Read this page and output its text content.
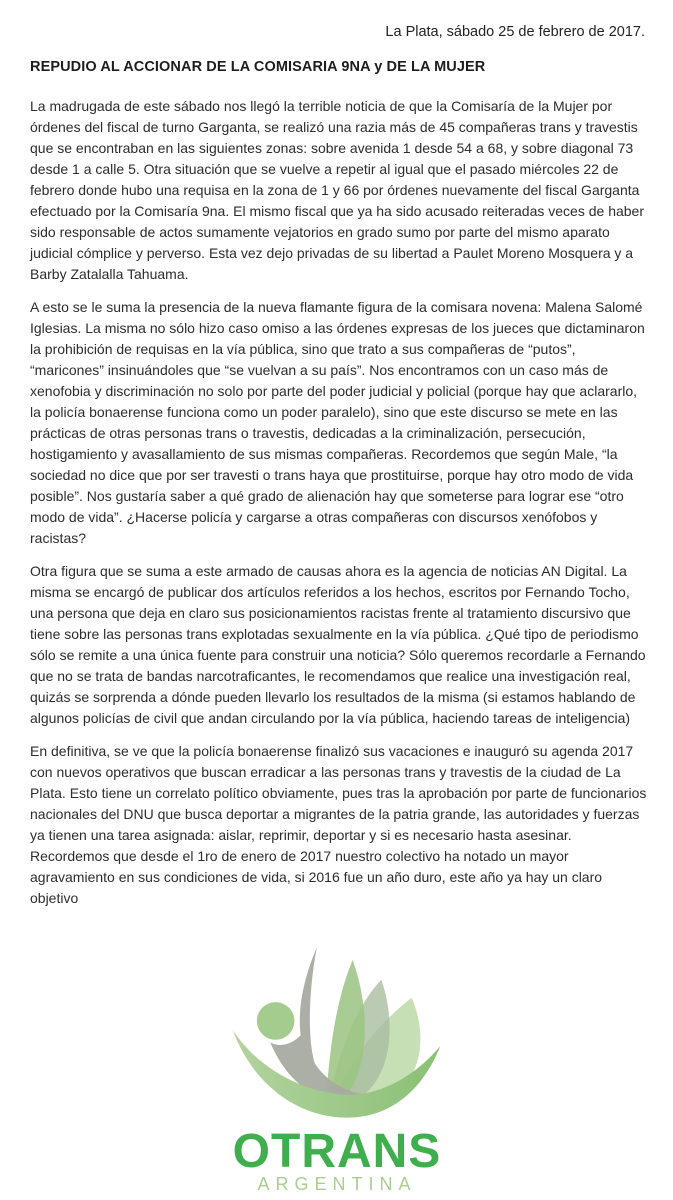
La Plata, sábado 25 de febrero de 2017.
REPUDIO AL ACCIONAR DE LA COMISARIA 9NA y DE LA MUJER

La madrugada de este sábado nos llegó la terrible noticia de que la Comisaría de la Mujer por órdenes del fiscal de turno Garganta, se realizó una razia más de 45 compañeras trans y travestis que se encontraban en las siguientes zonas: sobre avenida 1 desde 54 a 68, y sobre diagonal 73 desde 1 a calle 5. Otra situación que se vuelve a repetir al igual que el pasado miércoles 22 de febrero donde hubo una requisa en la zona de 1 y 66 por órdenes nuevamente del fiscal Garganta efectuado por la Comisaría 9na. El mismo fiscal que ya ha sido acusado reiteradas veces de haber sido responsable de actos sumamente vejatorios en grado sumo por parte del mismo aparato judicial cómplice y perverso. Esta vez dejo privadas de su libertad a Paulet Moreno Mosquera y a Barby Zatalalla Tahuama.

A esto se le suma la presencia de la nueva flamante figura de la comisara novena: Malena Salomé Iglesias. La misma no sólo hizo caso omiso a las órdenes expresas de los jueces que dictaminaron la prohibición de requisas en la vía pública, sino que trato a sus compañeras de “putos”, “maricones” insinuándoles que “se vuelvan a su país”. Nos encontramos con un caso más de xenofobia y discriminación no solo por parte del poder judicial y policial (porque hay que aclararlo, la policía bonaerense funciona como un poder paralelo), sino que este discurso se mete en las prácticas de otras personas trans o travestis, dedicadas a la criminalización, persecución, hostigamiento y avasallamiento de sus mismas compañeras. Recordemos que según Male, “la sociedad no dice que por ser travesti o trans haya que prostituirse, porque hay otro modo de vida posible”. Nos gustaría saber a qué grado de alienación hay que someterse para lograr ese “otro modo de vida”. ¿Hacerse policía y cargarse a otras compañeras con discursos xenófobos y racistas?

Otra figura que se suma a este armado de causas ahora es la agencia de noticias AN Digital. La misma se encargó de publicar dos artículos referidos a los hechos, escritos por Fernando Tocho, una persona que deja en claro sus posicionamientos racistas frente al tratamiento discursivo que tiene sobre las personas trans explotadas sexualmente en la vía pública. ¿Qué tipo de periodismo sólo se remite a una única fuente para construir una noticia? Sólo queremos recordarle a Fernando que no se trata de bandas narcotraficantes, le recomendamos que realice una investigación real, quizás se sorprenda a dónde pueden llevarlo los resultados de la misma (si estamos hablando de algunos policías de civil que andan circulando por la vía pública, haciendo tareas de inteligencia)

En definitiva, se ve que la policía bonaerense finalizó sus vacaciones e inauguró su agenda 2017 con nuevos operativos que buscan erradicar a las personas trans y travestis de la ciudad de La Plata. Esto tiene un correlato político obviamente, pues tras la aprobación por parte de funcionarios nacionales del DNU que busca deportar a migrantes de la patria grande, las autoridades y fuerzas ya tienen una tarea asignada: aislar, reprimir, deportar y si es necesario hasta asesinar. Recordemos que desde el 1ro de enero de 2017 nuestro colectivo ha notado un mayor agravamiento en sus condiciones de vida, si 2016 fue un año duro, este año ya hay un claro objetivo

OTRANS
ARGENTINA
